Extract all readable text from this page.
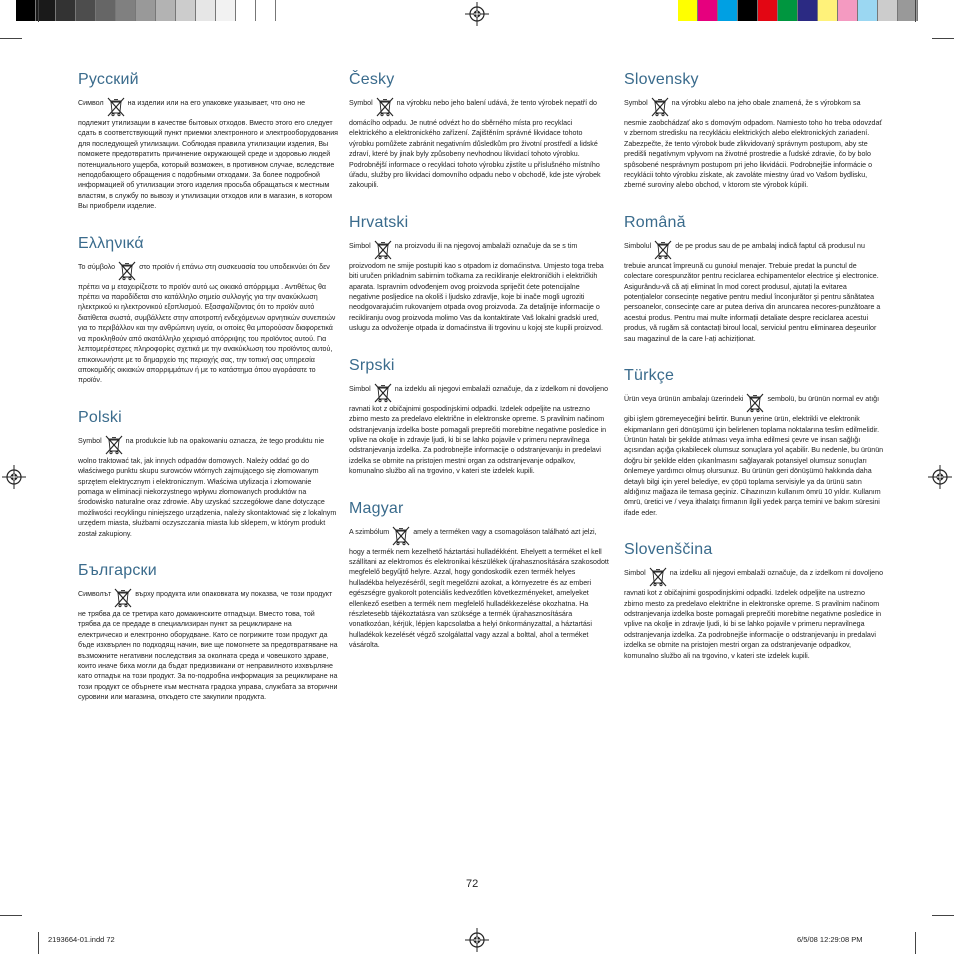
Русский

Символ	на изделии или на его упаковке указывает, что оно не подлежит утилизации в качестве бытовых отходов. Вместо этого его следует сдать в соответствующий пункт приемки электронного и электрооборудования для последующей утилизации. Соблюдая правила утилизации изделия, Вы поможете предотвратить причинение окружающей среде и здоровью людей потенциального ущерба, который возможен, в противном случае, вследствие неподобающего обращения с подобными отходами. За более подробной информацией об утилизации этого изделия просьба обращаться к местным властям, в службу по вывозу и утилизации отходов или в магазин, в котором Вы приобрели изделие.

Ελληνικά

Το σύμβολο	στο προϊόν ή επάνω στη συσκευασία του υποδεικνύει ότι δεν πρέπει να μ εταχειρίζεστε το προϊόν αυτό ως οικιακό απόρριμμα . Αντιθέτως θα πρέπει να παραδίδεται στο κατάλληλο σημείο συλλογής για την ανακύκλωση ηλεκτρικού κι ηλεκτρονικού εξοπλισμού. Εξασφαλίζοντας ότι το προϊόν αυτό διατίθεται σωστά, συμβάλλετε στην αποτροπή ενδεχόμενων αρνητικών συνεπειών για το περιβάλλον και την ανθρώπινη υγεία, οι οποίες θα μπορούσαν διαφορετικά να προκληθούν από ακατάλληλο χειρισμό απόρριψης του προϊόντος αυτού. Για λεπτομερέστερες πληροφορίες σχετικά με την ανακύκλωση του προϊόντος αυτού, επικοινωνήστε με το δημαρχείο της περιοχής σας, την τοπική σας υπηρεσία αποκομιδής οικιακών απορριμμάτων ή με το κατάστημα όπου αγοράσατε το προϊόν.

Polski

Symbol	na produkcie lub na opakowaniu oznacza, że tego produktu nie wolno traktować tak, jak innych odpadów domowych. Należy oddać go do właściwego punktu skupu surowców wtórnych zajmującego się złomowanym sprzętem elektrycznym i elektronicznym. Właściwa utylizacja i złomowanie pomaga w eliminacji niekorzystnego wpływu złomowanych produktów na środowisko naturalne oraz zdrowie. Aby uzyskać szczegółowe dane dotyczące możliwości recyklingu niniejszego urządzenia, należy skontaktować się z lokalnym urzędem miasta, służbami oczyszczania miasta lub sklepem, w którym produkt został zakupiony.

Български

Символът	върху продукта или опаковката му показва, че този продукт не трябва да се третира като домакинските отпадъци. Вместо това, той трябва да се предаде в специализиран пункт за рециклиране на електрическо и електронно оборудване. Като се погрижите този продукт да бъде изхвърлен по подходящ начин, вие ще помогнете за предотвратяване на възможните негативни последствия за околната среда и човешкото здраве, които иначе биха могли да бъдат предизвикани от неправилното изхвърляне като отпадък на този продукт. За по-подробна информация за рециклиране на този продукт се обърнете към местната градска управа, службата за вторични суровини или магазина, откъдето сте закупили продукта.

Česky

Symbol	na výrobku nebo jeho balení udává, že tento výrobek nepatří do domácího odpadu. Je nutné odvézt ho do sběrného místa pro recyklaci elektrického a elektronického zařízení. Zajištěním správné likvidace tohoto výrobku pomůžete zabránit negativním důsledkům pro životní prostředí a lidské zdraví, které by jinak byly způsobeny nevhodnou likvidací tohoto výrobku. Podrobnější informace o recyklaci tohoto výrobku zjistíte u příslušného místního úřadu, služby pro likvidaci domovního odpadu nebo v obchodě, kde jste výrobek zakoupili.

Hrvatski

Simbol	na proizvodu ili na njegovoj ambalaži označuje da se s tim proizvodom ne smije postupiti kao s otpadom iz domaćinstva. Umjesto toga treba biti uručen prikladnim sabirnim točkama za recikliranje elektroničkih i električkih aparata. Ispravnim odvođenjem ovog proizvoda spriječit ćete potencijalne negativne posljedice na okoliš i ljudsko zdravlje, koje bi inače mogli ugroziti neodgovarajućim rukovanjem otpada ovog proizvoda. Za detaljnije informacije o recikliranju ovog proizvoda molimo Vas da kontaktirate Vaš lokalni gradski ured, uslugu za odvoženje otpada iz domaćinstva ili trgovinu u kojoj ste kupili proizvod.

Srpski

Simbol	na izdeklu ali njegovi embalaži označuje, da z izdelkom ni dovoljeno ravnati kot z običajnimi gospodinjskimi odpadki. Izdelek odpeljite na ustrezno zbirno mesto za predelavo električne in elektronske opreme. S pravilnim načinom odstranjevanja izdelka boste pomagali preprečiti morebitne negativne posledice in vplive na okolje in zdravje ljudi, ki bi se lahko pojavile v primeru nepravilnega odstranjevanja izdelka. Za podrobnejše informacije o odstranjevanju in predelavi izdelka se obrnite na pristojen mestni organ za odstranjevanje odpalkov, komunalno službo ali na trgovino, v kateri ste izdelek kupili.

Magyar

A szimbólum	amely a terméken vagy a csomagoláson található azt jelzi, hogy a termék nem kezelhető háztartási hulladékként. Ehelyett a terméket el kell szállítani az elektromos és elektronikai készülékek újrahasznosítására szakosodott megfelelő begyűjtő helyre. Azzal, hogy gondoskodik ezen termék helyes hulladékba helyezéséről, segít megelőzni azokat, a környezetre és az emberi egészségre gyakorolt potenciális kedvezőtlen következményeket, amelyeket ellenkező esetben a termék nem megfelelő hulladékkezelése okozhatna. Ha részletesebb tájékoztatásra van szüksége a termék újrahasznosítására vonatkozóan, kérjük, lépjen kapcsolatba a helyi önkormányzattal, a háztartási hulladékok kezelését végző szolgálattal vagy azzal a bolttal, ahol a terméket vásárolta.

Slovensky

Symbol	na výrobku alebo na jeho obale znamená, že s výrobkom sa nesmie zaobchádzať ako s domovým odpadom. Namiesto toho ho treba odovzdať v zbernom stredisku na recykláciu elektrických alebo elektronických zariadení. Zabezpečte, že tento výrobok bude zlikvidovaný správnym postupom, aby ste predišli negatívnym vplyvom na životné prostredie a ľudské zdravie, čo by bolo spôsobené nesprávnym postupom pri jeho likvidácii. Podrobnejšie informácie o recyklácii tohto výrobku získate, ak zavoláte miestny úrad vo Vašom bydlisku, zberné suroviny alebo obchod, v ktorom ste výrobok kúpili.

Română

Simbolul	de pe produs sau de pe ambalaj indică faptul că produsul nu trebuie aruncat împreună cu gunoiul menajer. Trebuie predat la punctul de colectare corespunzător pentru reciclarea echipamentelor electrice şi electronice. Asigurându-vă că ați eliminat în mod corect produsul, ajutați la evitarea potențialelor consecințe negative pentru mediul înconjurător şi pentru sănătatea persoanelor, consecințe care ar putea deriva din aruncarea necores-punzătoare a acestui produs. Pentru mai multe informații detaliate despre reciclarea acestui produs, vă rugăm să contactați biroul local, serviciul pentru eliminarea deşeurilor sau magazinul de la care l-ați achiziționat.

Türkçe

Ürün veya ürünün ambalajı üzerindeki	sembolü, bu ürünün normal ev atığı gibi işlem göremeyeceğini belirtir. Bunun yerine ürün, elektrikli ve elektronik ekipmanların geri dönüşümü için belirlenen toplama noktalarına teslim edilmelidir. Ürünün hatalı bir şekilde atılması veya imha edilmesi çevre ve insan sağlığı açısından açığa çıkabilecek olumsuz sonuçlara yol açabilir. Bu nedenle, bu ürünün doğru bir şekilde elden çıkarılmasını sağlayarak potansiyel olumsuz sonuçları önlemeye yardımcı olmuş olursunuz. Bu ürünün geri dönüşümü hakkında daha detaylı bilgi için yerel belediye, ev çöpü toplama servisiyle ya da ürünü satın aldığınız mağaza ile temasa geçiniz. Cihazınızın kullanım ömrü 10 yıldır. Kullanım ömrü, üretici ve / veya ithalatçı firmanın ilgili yedek parça temini ve bakım süresini ifade eder.

Slovenščina

Simbol	na izdelku ali njegovi embalaži označuje, da z izdelkom ni dovoljeno ravnati kot z običajnimi gospodinjskimi odpadki. Izdelek odpeljite na ustrezno zbirno mesto za predelavo električne in elektronske opreme. S pravilnim načinom odstranjevanja izdelka boste pomagali preprečiti morebitne negativne posledice in vplive na okolje in zdravje ljudi, ki bi se lahko pojavile v primeru nepravilnega odstranjevanja izdelka. Za podrobnejše informacije o odstranjevanju in predalavi izdelka se obrnite na pristojen mestri organ za odstranjevanje odpadkov, komunalno službo ali na trgovino, v kateri ste izdelek kupili.

72
2193664-01.indd 72	6/5/08 12:29:08 PM
